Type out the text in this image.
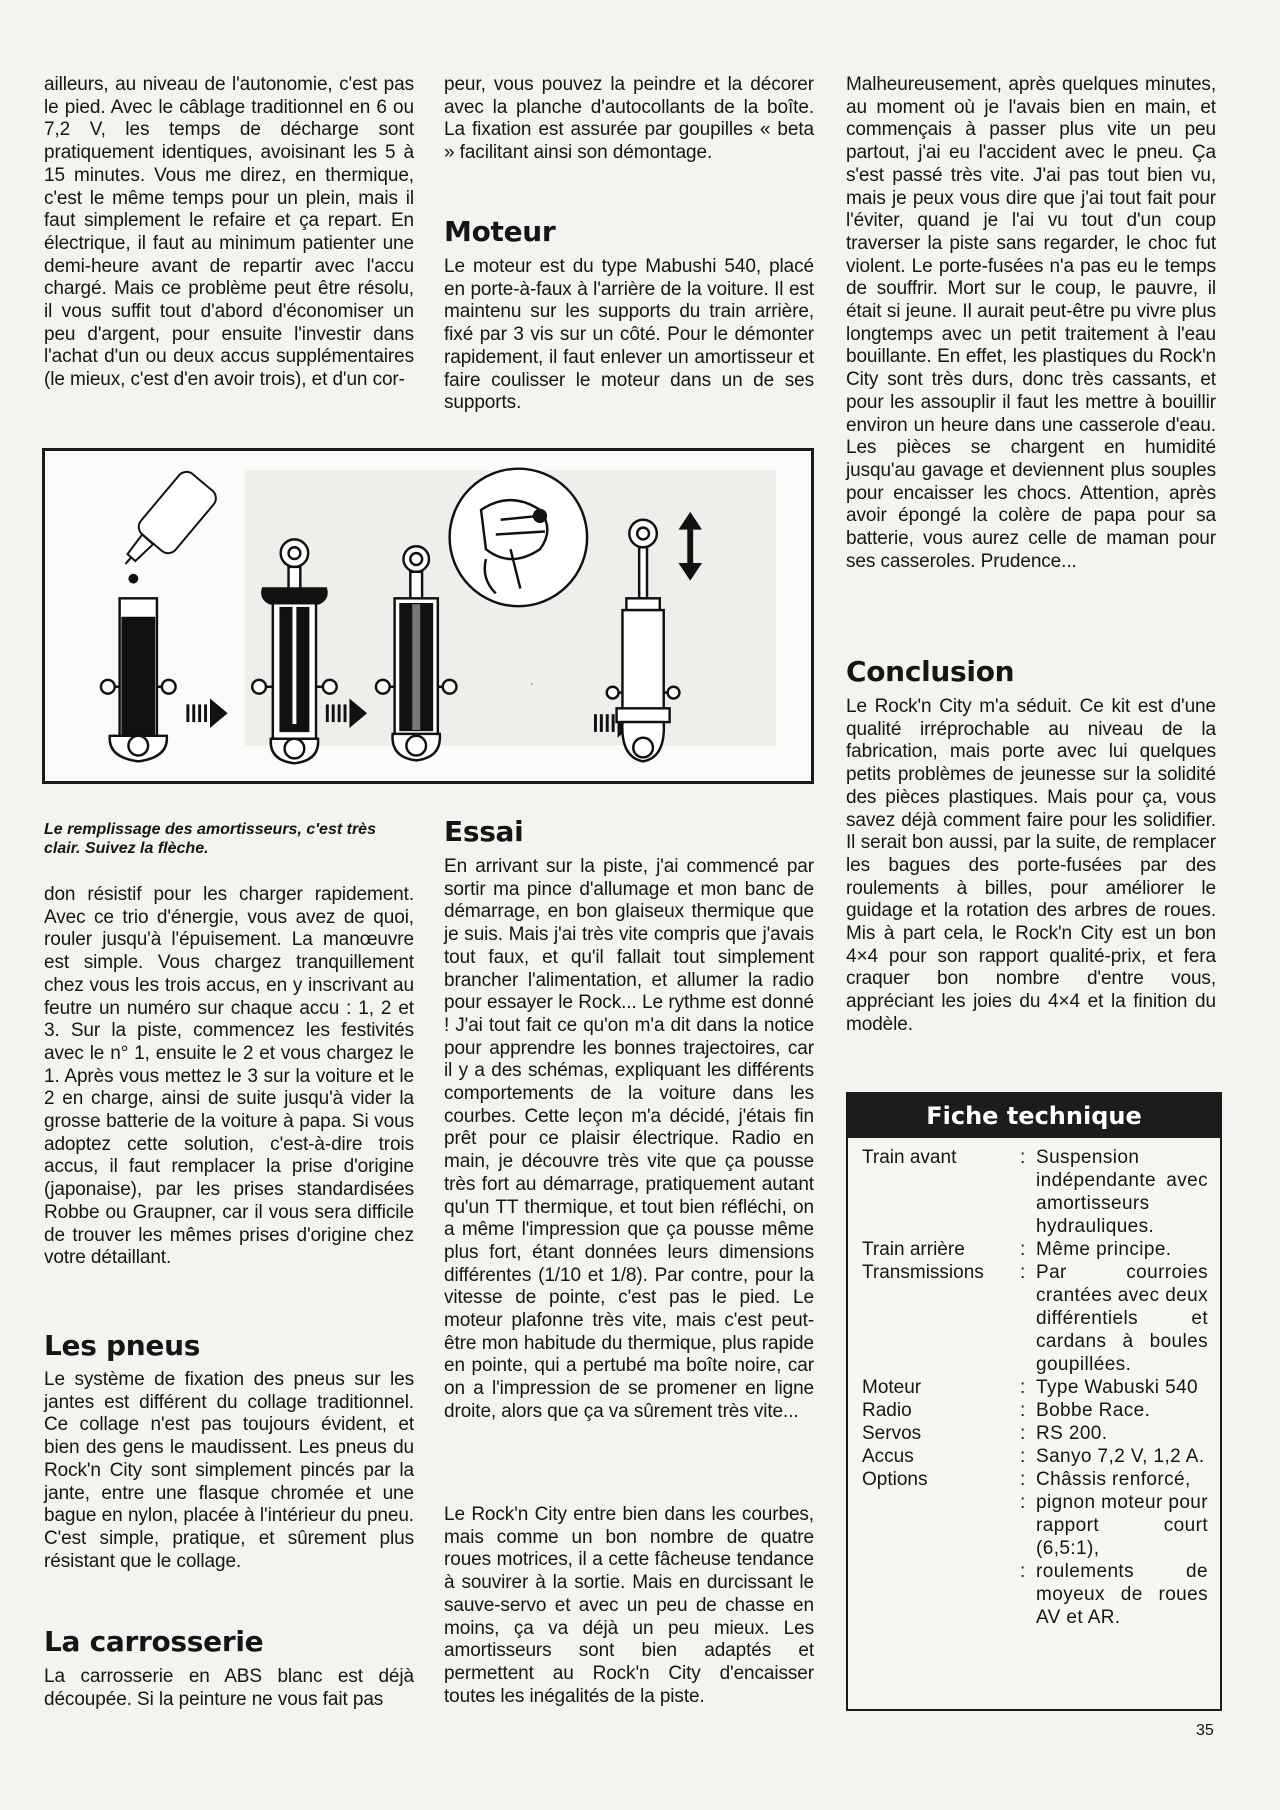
ailleurs, au niveau de l'autonomie, c'est pas le pied. Avec le câblage traditionnel en 6 ou 7,2 V, les temps de décharge sont pratiquement identiques, avoisinant les 5 à 15 minutes. Vous me direz, en thermique, c'est le même temps pour un plein, mais il faut simplement le refaire et ça repart. En électrique, il faut au minimum patienter une demi-heure avant de repartir avec l'accu chargé. Mais ce problème peut être résolu, il vous suffit tout d'abord d'économiser un peu d'argent, pour ensuite l'investir dans l'achat d'un ou deux accus supplémentaires (le mieux, c'est d'en avoir trois), et d'un cor-

·

Le remplissage des amortisseurs, c'est très clair. Suivez la flèche.

don résistif pour les charger rapidement. Avec ce trio d'énergie, vous avez de quoi, rouler jusqu'à l'épuisement. La manœuvre est simple. Vous chargez tranquillement chez vous les trois accus, en y inscrivant au feutre un numéro sur chaque accu : 1, 2 et 3. Sur la piste, commencez les festivités avec le n° 1, ensuite le 2 et vous chargez le 1. Après vous mettez le 3 sur la voiture et le 2 en charge, ainsi de suite jusqu'à vider la grosse batterie de la voiture à papa. Si vous adoptez cette solution, c'est-à-dire trois accus, il faut remplacer la prise d'origine (japonaise), par les prises standardisées Robbe ou Graupner, car il vous sera difficile de trouver les mêmes prises d'origine chez votre détaillant.

Les pneus

Le système de fixation des pneus sur les jantes est différent du collage traditionnel. Ce collage n'est pas toujours évident, et bien des gens le maudissent. Les pneus du Rock'n City sont simplement pincés par la jante, entre une flasque chromée et une bague en nylon, placée à l'intérieur du pneu. C'est simple, pratique, et sûrement plus résistant que le collage.

La carrosserie

La carrosserie en ABS blanc est déjà découpée. Si la peinture ne vous fait pas

peur, vous pouvez la peindre et la décorer avec la planche d'autocollants de la boîte. La fixation est assurée par goupilles « beta » facilitant ainsi son démontage.

Moteur

Le moteur est du type Mabushi 540, placé en porte-à-faux à l'arrière de la voiture. Il est maintenu sur les supports du train arrière, fixé par 3 vis sur un côté. Pour le démonter rapidement, il faut enlever un amortisseur et faire coulisser le moteur dans un de ses supports.

Essai

En arrivant sur la piste, j'ai commencé par sortir ma pince d'allumage et mon banc de démarrage, en bon glaiseux thermique que je suis. Mais j'ai très vite compris que j'avais tout faux, et qu'il fallait tout simplement brancher l'alimentation, et allumer la radio pour essayer le Rock... Le rythme est donné ! J'ai tout fait ce qu'on m'a dit dans la notice pour apprendre les bonnes trajectoires, car il y a des schémas, expliquant les différents comportements de la voiture dans les courbes. Cette leçon m'a décidé, j'étais fin prêt pour ce plaisir électrique. Radio en main, je découvre très vite que ça pousse très fort au démarrage, pratiquement autant qu'un TT thermique, et tout bien réfléchi, on a même l'impression que ça pousse même plus fort, étant données leurs dimensions différentes (1/10 et 1/8). Par contre, pour la vitesse de pointe, c'est pas le pied. Le moteur plafonne très vite, mais c'est peut-être mon habitude du thermique, plus rapide en pointe, qui a pertubé ma boîte noire, car on a l'impression de se promener en ligne droite, alors que ça va sûrement très vite...

Le Rock'n City entre bien dans les courbes, mais comme un bon nombre de quatre roues motrices, il a cette fâcheuse tendance à souvirer à la sortie. Mais en durcissant le sauve-servo et avec un peu de chasse en moins, ça va déjà un peu mieux. Les amortisseurs sont bien adaptés et permettent au Rock'n City d'encaisser toutes les inégalités de la piste.

Malheureusement, après quelques minutes, au moment où je l'avais bien en main, et commençais à passer plus vite un peu partout, j'ai eu l'accident avec le pneu. Ça s'est passé très vite. J'ai pas tout bien vu, mais je peux vous dire que j'ai tout fait pour l'éviter, quand je l'ai vu tout d'un coup traverser la piste sans regarder, le choc fut violent. Le porte-fusées n'a pas eu le temps de souffrir. Mort sur le coup, le pauvre, il était si jeune. Il aurait peut-être pu vivre plus longtemps avec un petit traitement à l'eau bouillante. En effet, les plastiques du Rock'n City sont très durs, donc très cassants, et pour les assouplir il faut les mettre à bouillir environ un heure dans une casserole d'eau. Les pièces se chargent en humidité jusqu'au gavage et deviennent plus souples pour encaisser les chocs. Attention, après avoir épongé la colère de papa pour sa batterie, vous aurez celle de maman pour ses casseroles. Prudence...

Conclusion

Le Rock'n City m'a séduit. Ce kit est d'une qualité irréprochable au niveau de la fabrication, mais porte avec lui quelques petits problèmes de jeunesse sur la solidité des pièces plastiques. Mais pour ça, vous savez déjà comment faire pour les solidifier. Il serait bon aussi, par la suite, de remplacer les bagues des porte-fusées par des roulements à billes, pour améliorer le guidage et la rotation des arbres de roues. Mis à part cela, le Rock'n City est un bon 4×4 pour son rapport qualité-prix, et fera craquer bon nombre d'entre vous, appréciant les joies du 4×4 et la finition du modèle.

Fiche technique
Train avant	: Suspension indépendante avec amortisseurs hydrauliques.
Train arrière	: Même principe.
Transmissions	: Par courroies crantées avec deux différentiels et cardans à boules goupillées.
Moteur	: Type Wabuski 540
Radio	: Bobbe Race.
Servos	: RS 200.
Accus	: Sanyo 7,2 V, 1,2 A.
Options	: Châssis renforcé,
: pignon moteur pour rapport court (6,5:1),
: roulements de moyeux de roues AV et AR.
35
